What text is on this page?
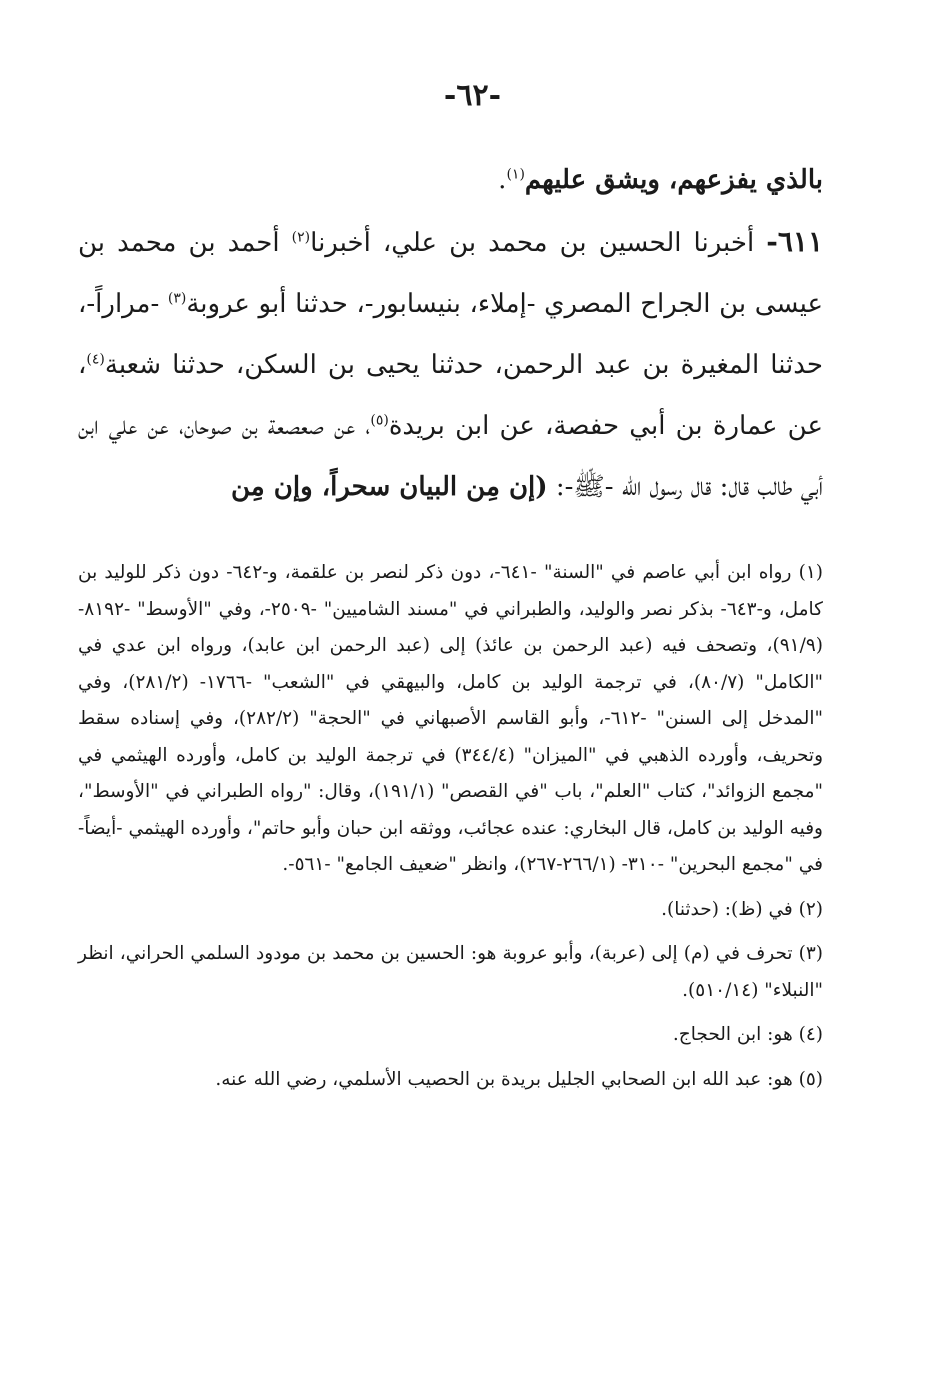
-٦٢-

بالذي يفزعهم، ويشق عليهم$^{(١)}$.

٦١١- أخبرنا الحسين بن محمد بن علي، أخبرنا$^{(٢)}$ أحمد بن محمد بن عيسى بن الجراح المصري -إملاء، بنيسابور-، حدثنا أبو عروبة$^{(٣)}$ -مراراً-، حدثنا المغيرة بن عبد الرحمن، حدثنا يحيى بن السكن، حدثنا شعبة$^{(٤)}$، عن عمارة بن أبي حفصة، عن ابن بريدة$^{(٥)}$، عن صعصعة بن صوحان، عن علي ابن أبي طالب قال: قال رسول الله -ﷺ-: (إن مِن البيان سحراً، وإن مِن

(١) رواه ابن أبي عاصم في "السنة" -٦٤١-، دون ذكر لنصر بن علقمة، و-٦٤٢- دون ذكر للوليد بن كامل، و-٦٤٣- بذكر نصر والوليد، والطبراني في "مسند الشاميين" -٢٥٠٩-، وفي "الأوسط" -٨١٩٢- (٩١/٩)، وتصحف فيه (عبد الرحمن بن عائذ) إلى (عبد الرحمن ابن عابد)، ورواه ابن عدي في "الكامل" (٨٠/٧)، في ترجمة الوليد بن كامل، والبيهقي في "الشعب" -١٧٦٦- (٢٨١/٢)، وفي "المدخل إلى السنن" -٦١٢-، وأبو القاسم الأصبهاني في "الحجة" (٢٨٢/٢)، وفي إسناده سقط وتحريف، وأورده الذهبي في "الميزان" (٣٤٤/٤) في ترجمة الوليد بن كامل، وأورده الهيثمي في "مجمع الزوائد"، كتاب "العلم"، باب "في القصص" (١٩١/١)، وقال: "رواه الطبراني في "الأوسط"، وفيه الوليد بن كامل، قال البخاري: عنده عجائب، ووثقه ابن حبان وأبو حاتم"، وأورده الهيثمي -أيضاً- في "مجمع البحرين" -٣١٠- (٢٦٦/١-٢٦٧)، وانظر "ضعيف الجامع" -٥٦١-.

(٢) في (ظ): (حدثنا).

(٣) تحرف في (م) إلى (عربة)، وأبو عروبة هو: الحسين بن محمد بن مودود السلمي الحراني، انظر "النبلاء" (٥١٠/١٤).

(٤) هو: ابن الحجاج.

(٥) هو: عبد الله ابن الصحابي الجليل بريدة بن الحصيب الأسلمي، رضي الله عنه.
